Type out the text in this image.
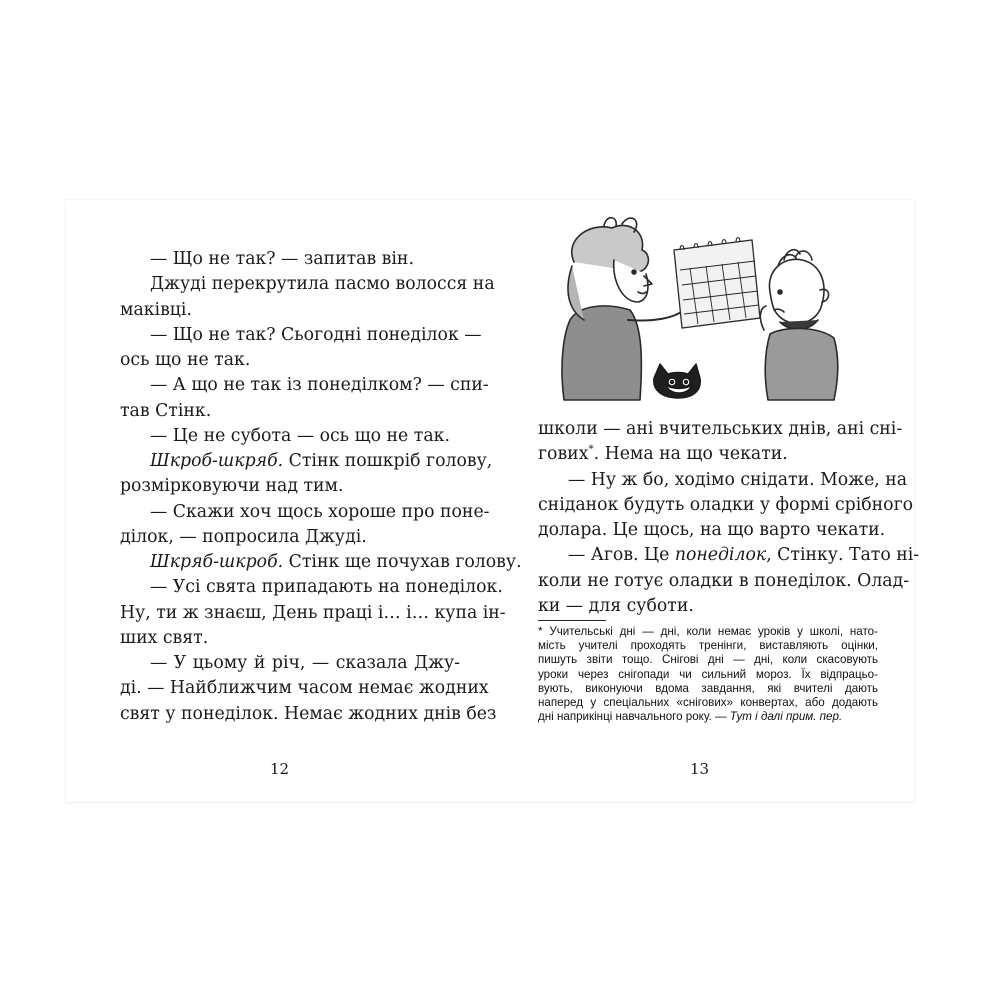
— Що не так? — запитав він.
Джуді перекрутила пасмо волосся на
маківці.
— Що не так? Сьогодні понеділок —
ось що не так.
— А що не так із понеділком? — спи-
тав Стінк.
— Це не субота — ось що не так.
Шкроб-шкряб. Стінк пошкріб голову,
розмірковуючи над тим.
— Скажи хоч щось хороше про поне-
ділок, — попросила Джуді.
Шкряб-шкроб. Стінк ще почухав голову.
— Усі свята припадають на понеділок.
Ну, ти ж знаєш, День праці і… і… купа ін-
ших свят.
— У цьому й річ, — сказала Джу-
ді. — Найближчим часом немає жодних
свят у понеділок. Немає жодних днів без
12
школи — ані вчительських днів, ані сні-
гових*. Нема на що чекати.
— Ну ж бо, ходімо снідати. Може, на
сніданок будуть оладки у формі срібного
долара. Це щось, на що варто чекати.
— Агов. Це понеділок, Стінку. Тато ні-
коли не готує оладки в понеділок. Олад-
ки — для суботи.
* Учительські дні — дні, коли немає уроків у школі, нато-
мість учителі проходять тренінги, виставляють оцінки,
пишуть звіти тощо. Снігові дні — дні, коли скасовують
уроки через снігопади чи сильний мороз. Їх відпрацьо-
вують, виконуючи вдома завдання, які вчителі дають
наперед у спеціальних «снігових» конвертах, або додають
дні наприкінці навчального року. — Тут і далі прим. пер.
13
